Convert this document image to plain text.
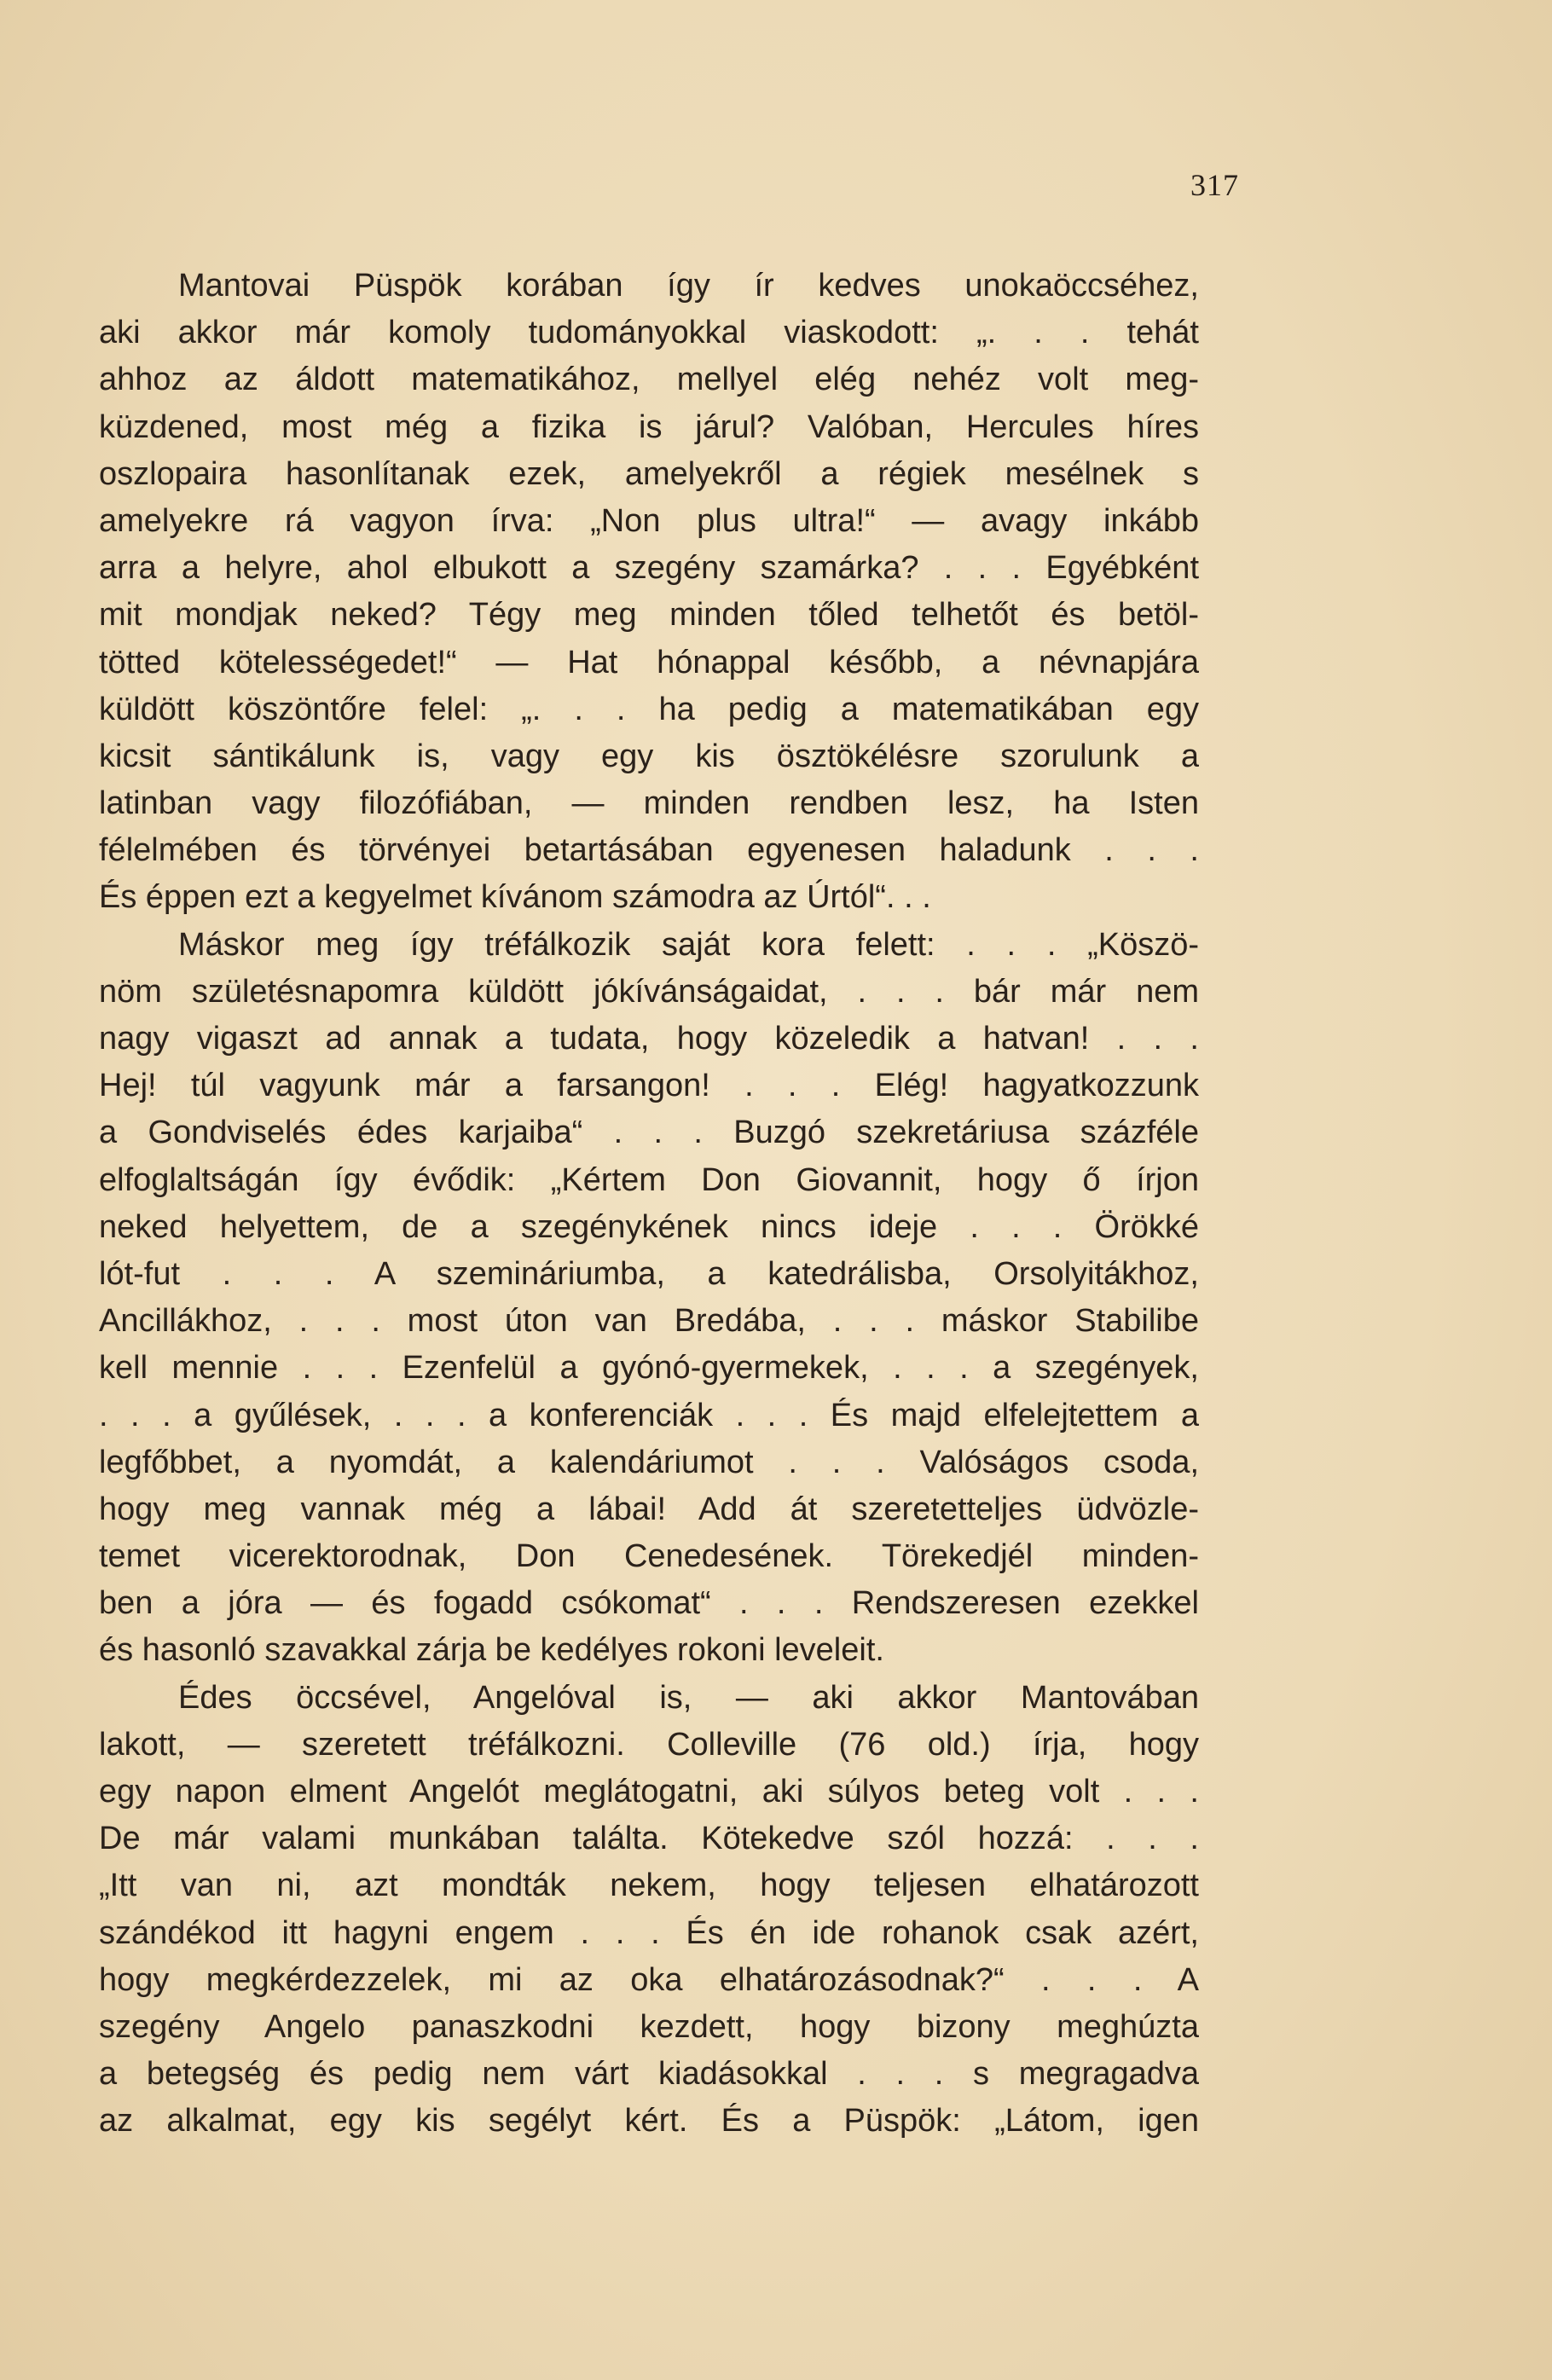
317
Mantovai Püspök korában így ír kedves unokaöccséhez,
aki akkor már komoly tudományokkal viaskodott: „. . . tehát
ahhoz az áldott matematikához, mellyel elég nehéz volt meg-
küzdened, most még a fizika is járul? Valóban, Hercules híres
oszlopaira hasonlítanak ezek, amelyekről a régiek mesélnek s
amelyekre rá vagyon írva: „Non plus ultra!“ — avagy inkább
arra a helyre, ahol elbukott a szegény szamárka? . . . Egyébként
mit mondjak neked? Tégy meg minden tőled telhetőt és betöl-
tötted kötelességedet!“ — Hat hónappal később, a névnapjára
küldött köszöntőre felel: „. . . ha pedig a matematikában egy
kicsit sántikálunk is, vagy egy kis ösztökélésre szorulunk a
latinban vagy filozófiában, — minden rendben lesz, ha Isten
félelmében és törvényei betartásában egyenesen haladunk . . .
És éppen ezt a kegyelmet kívánom számodra az Úrtól“. . .
Máskor meg így tréfálkozik saját kora felett: . . . „Köszö-
nöm születésnapomra küldött jókívánságaidat, . . . bár már nem
nagy vigaszt ad annak a tudata, hogy közeledik a hatvan! . . .
Hej! túl vagyunk már a farsangon! . . . Elég! hagyatkozzunk
a Gondviselés édes karjaiba“ . . . Buzgó szekretáriusa százféle
elfoglaltságán így évődik: „Kértem Don Giovannit, hogy ő írjon
neked helyettem, de a szegénykének nincs ideje . . . Örökké
lót-fut . . . A szemináriumba, a katedrálisba, Orsolyitákhoz,
Ancillákhoz, . . . most úton van Bredába, . . . máskor Stabilibe
kell mennie . . . Ezenfelül a gyónó-gyermekek, . . . a szegények,
. . . a gyűlések, . . . a konferenciák . . . És majd elfelejtettem a
legfőbbet, a nyomdát, a kalendáriumot . . . Valóságos csoda,
hogy meg vannak még a lábai! Add át szeretetteljes üdvözle-
temet vicerektorodnak, Don Cenedesének. Törekedjél minden-
ben a jóra — és fogadd csókomat“ . . . Rendszeresen ezekkel
és hasonló szavakkal zárja be kedélyes rokoni leveleit.
Édes öccsével, Angelóval is, — aki akkor Mantovában
lakott, — szeretett tréfálkozni. Colleville (76 old.) írja, hogy
egy napon elment Angelót meglátogatni, aki súlyos beteg volt . . .
De már valami munkában találta. Kötekedve szól hozzá: . . .
„Itt van ni, azt mondták nekem, hogy teljesen elhatározott
szándékod itt hagyni engem . . . És én ide rohanok csak azért,
hogy megkérdezzelek, mi az oka elhatározásodnak?“ . . . A
szegény Angelo panaszkodni kezdett, hogy bizony meghúzta
a betegség és pedig nem várt kiadásokkal . . . s megragadva
az alkalmat, egy kis segélyt kért. És a Püspök: „Látom, igen
